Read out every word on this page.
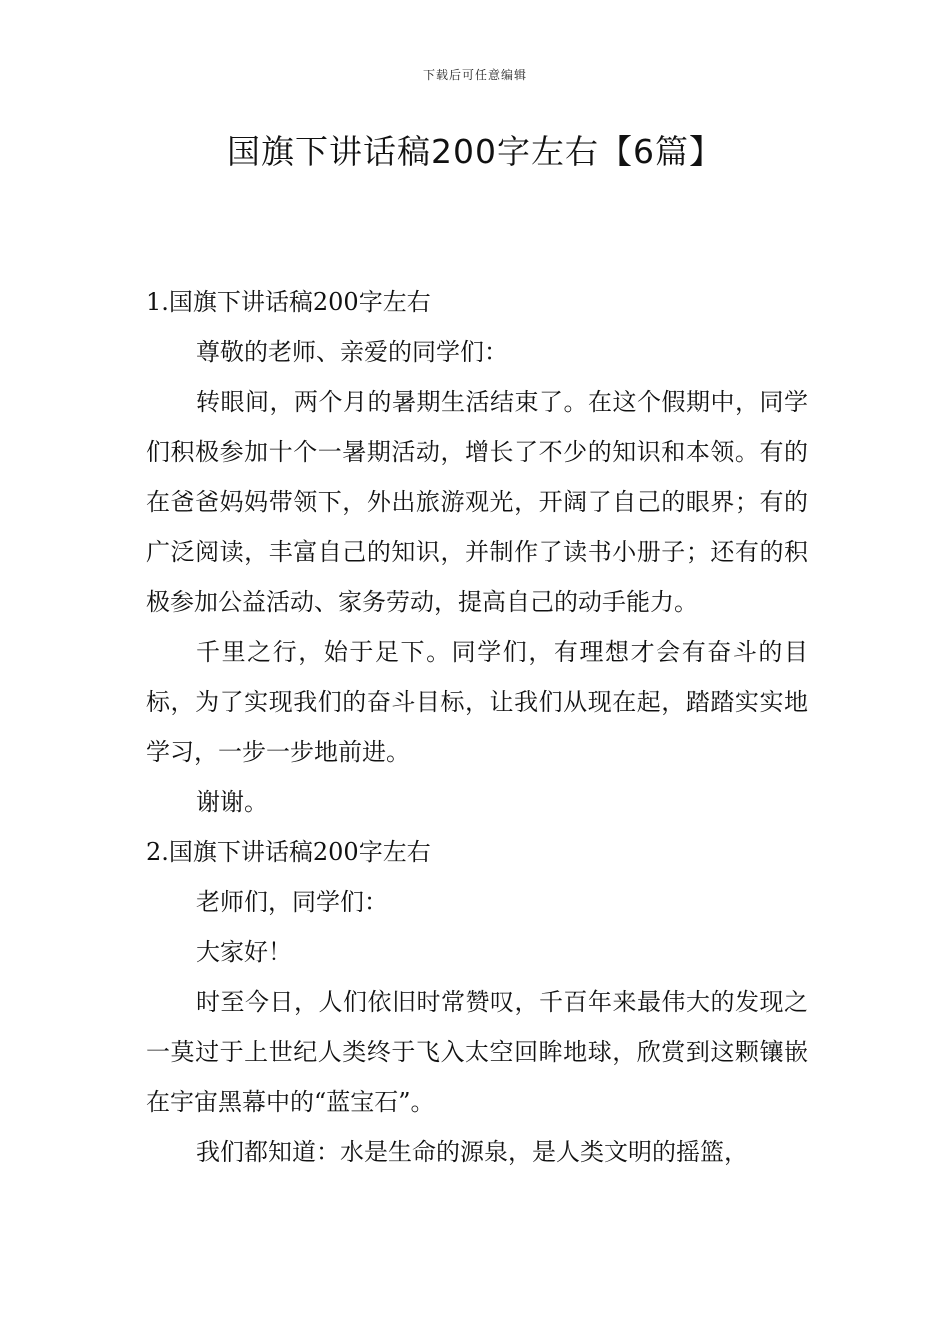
下载后可任意编辑
国旗下讲话稿200字左右【6篇】

1.国旗下讲话稿200字左右

尊敬的老师、亲爱的同学们：

转眼间，两个月的暑期生活结束了。在这个假期中，同学们积极参加十个一暑期活动，增长了不少的知识和本领。有的在爸爸妈妈带领下，外出旅游观光，开阔了自己的眼界；有的广泛阅读，丰富自己的知识，并制作了读书小册子；还有的积极参加公益活动、家务劳动，提高自己的动手能力。

千里之行，始于足下。同学们，有理想才会有奋斗的目标，为了实现我们的奋斗目标，让我们从现在起，踏踏实实地学习，一步一步地前进。

谢谢。

2.国旗下讲话稿200字左右

老师们，同学们：

大家好！

时至今日，人们依旧时常赞叹，千百年来最伟大的发现之一莫过于上世纪人类终于飞入太空回眸地球，欣赏到这颗镶嵌在宇宙黑幕中的“蓝宝石”。

我们都知道：水是生命的源泉，是人类文明的摇篮，
